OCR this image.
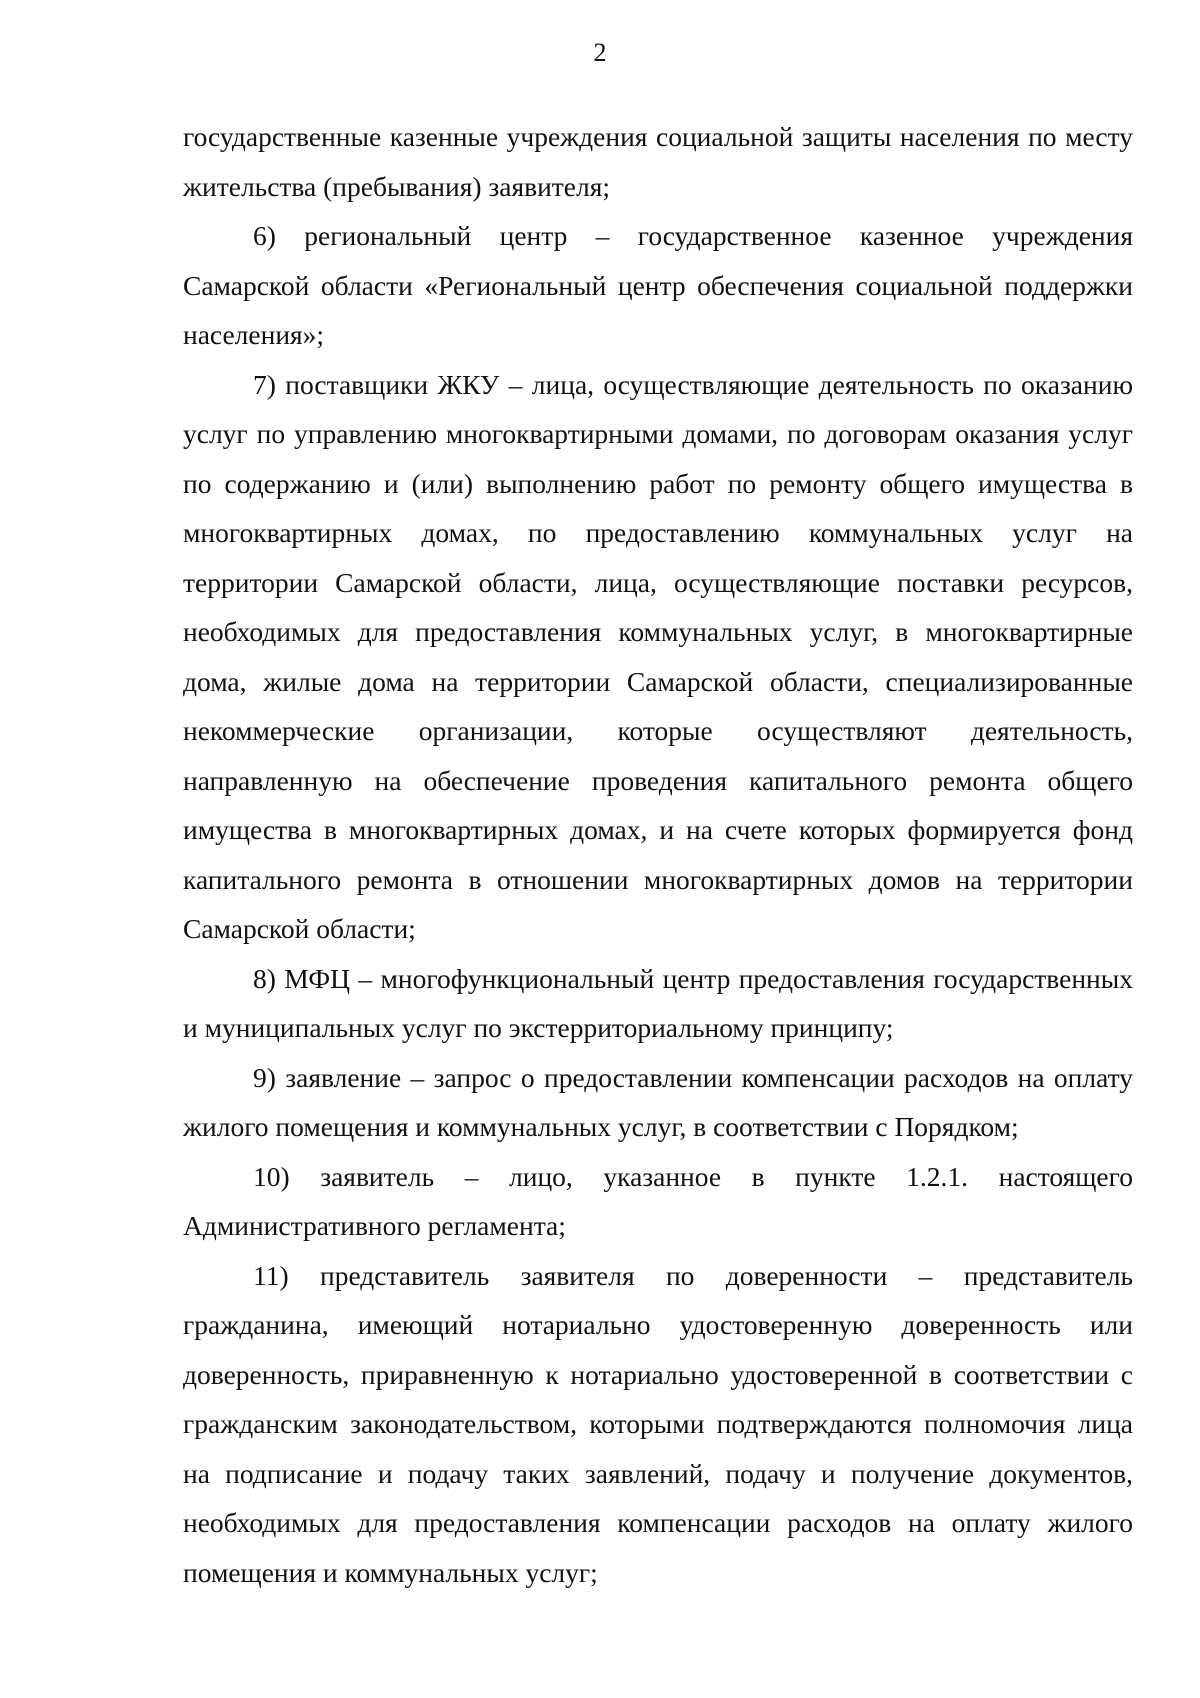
2

государственные казенные учреждения социальной защиты населения по месту жительства (пребывания) заявителя;

6) региональный центр – государственное казенное учреждения Самарской области «Региональный центр обеспечения социальной поддержки населения»;

7) поставщики ЖКУ – лица, осуществляющие деятельность по оказанию услуг по управлению многоквартирными домами, по договорам оказания услуг по содержанию и (или) выполнению работ по ремонту общего имущества в многоквартирных домах, по предоставлению коммунальных услуг на территории Самарской области, лица, осуществляющие поставки ресурсов, необходимых для предоставления коммунальных услуг, в многоквартирные дома, жилые дома на территории Самарской области, специализированные некоммерческие организации, которые осуществляют деятельность, направленную на обеспечение проведения капитального ремонта общего имущества в многоквартирных домах, и на счете которых формируется фонд капитального ремонта в отношении многоквартирных домов на территории Самарской области;

8) МФЦ – многофункциональный центр предоставления государственных и муниципальных услуг по экстерриториальному принципу;

9) заявление – запрос о предоставлении компенсации расходов на оплату жилого помещения и коммунальных услуг, в соответствии с Порядком;

10) заявитель – лицо, указанное в пункте 1.2.1. настоящего Административного регламента;

11) представитель заявителя по доверенности – представитель гражданина, имеющий нотариально удостоверенную доверенность или доверенность, приравненную к нотариально удостоверенной в соответствии с гражданским законодательством, которыми подтверждаются полномочия лица на подписание и подачу таких заявлений, подачу и получение документов, необходимых для предоставления компенсации расходов на оплату жилого помещения и коммунальных услуг;
